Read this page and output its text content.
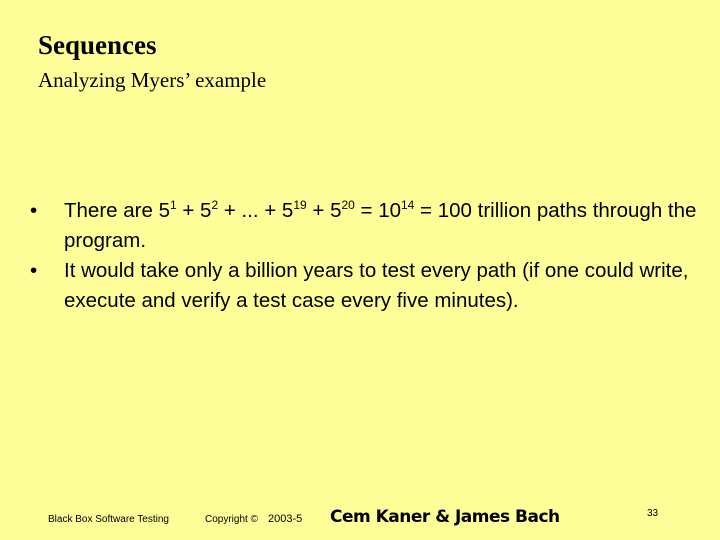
Sequences
Analyzing Myers’ example
• There are $5^1 + 5^2$ + ... + $5^{19} + 5^{20} = 10^{14} = 100$ trillion paths through the program.
• It would take only a billion years to test every path (if one could write, execute and verify a test case every five minutes).
Black Box Software Testing	Copyright © 2003-5 Cem Kaner & James Bach	33
